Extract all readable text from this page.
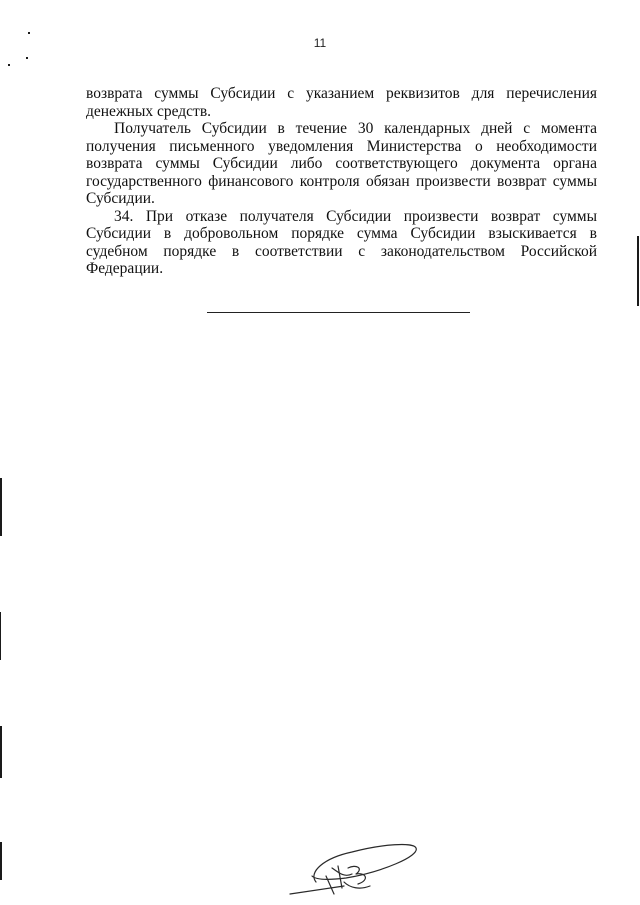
11

возврата суммы Субсидии с указанием реквизитов для перечисления денежных средств.

Получатель Субсидии в течение 30 календарных дней с момента получения письменного уведомления Министерства о необходимости возврата суммы Субсидии либо соответствующего документа органа государственного финансового контроля обязан произвести возврат суммы Субсидии.

34. При отказе получателя Субсидии произвести возврат суммы Субсидии в добровольном порядке сумма Субсидии взыскивается в судебном порядке в соответствии с законодательством Российской Федерации.
